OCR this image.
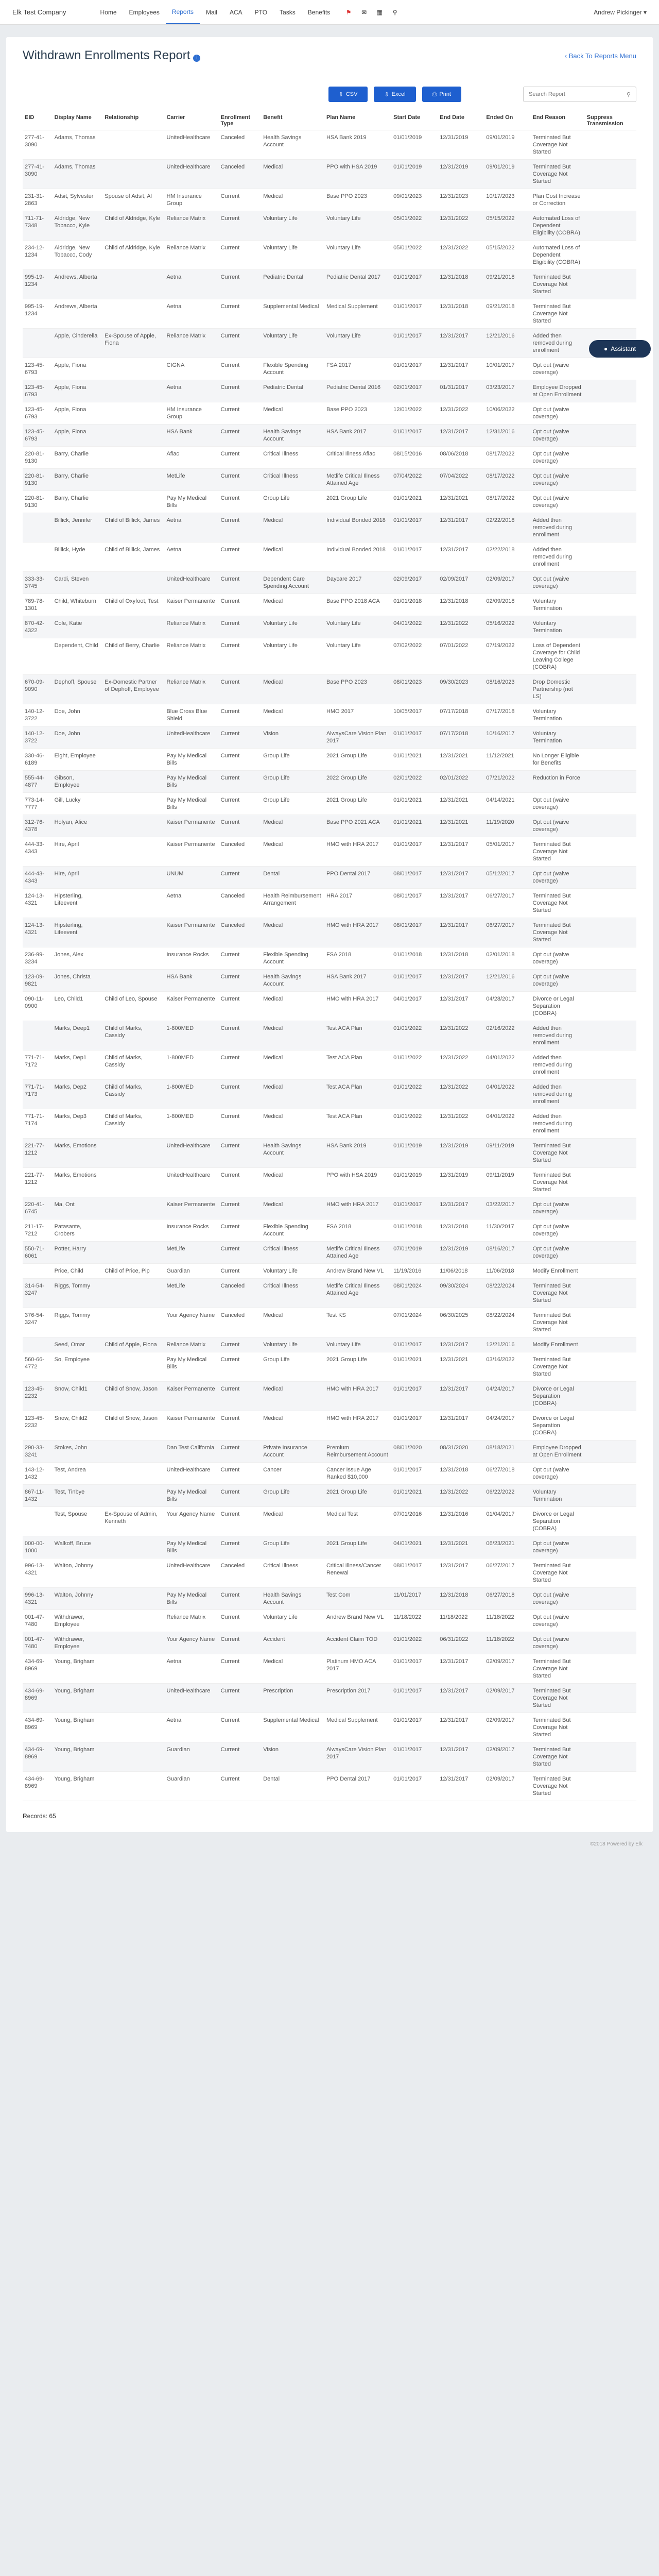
Elk Test Company	Home	Employees	Reports	Mail	ACA	PTO	Tasks	Benefits	⚑ ✉ ▦ ⚲	Andrew Pickinger ▾
● Assistant
Withdrawn Enrollments Report i	‹ Back To Reports Menu
⇩ CSV	⇩ Excel	⎙ Print	Search Report	⚲
EID	Display Name	Relationship	Carrier	Enrollment Type	Benefit	Plan Name	Start Date	End Date	Ended On	End Reason	Suppress Transmission
277-41-3090	Adams, Thomas		UnitedHealthcare	Canceled	Health Savings Account	HSA Bank 2019	01/01/2019	12/31/2019	09/01/2019	Terminated But Coverage Not Started	
277-41-3090	Adams, Thomas		UnitedHealthcare	Canceled	Medical	PPO with HSA 2019	01/01/2019	12/31/2019	09/01/2019	Terminated But Coverage Not Started	
231-31-2863	Adsit, Sylvester	Spouse of Adsit, Al	HM Insurance Group	Current	Medical	Base PPO 2023	09/01/2023	12/31/2023	10/17/2023	Plan Cost Increase or Correction	
711-71-7348	Aldridge, New Tobacco, Kyle	Child of Aldridge, Kyle	Reliance Matrix	Current	Voluntary Life	Voluntary Life	05/01/2022	12/31/2022	05/15/2022	Automated Loss of Dependent Eligibility (COBRA)	
234-12-1234	Aldridge, New Tobacco, Cody	Child of Aldridge, Kyle	Reliance Matrix	Current	Voluntary Life	Voluntary Life	05/01/2022	12/31/2022	05/15/2022	Automated Loss of Dependent Eligibility (COBRA)	
995-19-1234	Andrews, Alberta		Aetna	Current	Pediatric Dental	Pediatric Dental 2017	01/01/2017	12/31/2018	09/21/2018	Terminated But Coverage Not Started	
995-19-1234	Andrews, Alberta		Aetna	Current	Supplemental Medical	Medical Supplement	01/01/2017	12/31/2018	09/21/2018	Terminated But Coverage Not Started	
	Apple, Cinderella	Ex-Spouse of Apple, Fiona	Reliance Matrix	Current	Voluntary Life	Voluntary Life	01/01/2017	12/31/2017	12/21/2016	Added then removed during enrollment	
123-45-6793	Apple, Fiona		CIGNA	Current	Flexible Spending Account	FSA 2017	01/01/2017	12/31/2017	10/01/2017	Opt out (waive coverage)	
123-45-6793	Apple, Fiona		Aetna	Current	Pediatric Dental	Pediatric Dental 2016	02/01/2017	01/31/2017	03/23/2017	Employee Dropped at Open Enrollment	
123-45-6793	Apple, Fiona		HM Insurance Group	Current	Medical	Base PPO 2023	12/01/2022	12/31/2022	10/06/2022	Opt out (waive coverage)	
123-45-6793	Apple, Fiona		HSA Bank	Current	Health Savings Account	HSA Bank 2017	01/01/2017	12/31/2017	12/31/2016	Opt out (waive coverage)	
220-81-9130	Barry, Charlie		Aflac	Current	Critical Illness	Critical Illness Aflac	08/15/2016	08/06/2018	08/17/2022	Opt out (waive coverage)	
220-81-9130	Barry, Charlie		MetLife	Current	Critical Illness	Metlife Critical Illness Attained Age	07/04/2022	07/04/2022	08/17/2022	Opt out (waive coverage)	
220-81-9130	Barry, Charlie		Pay My Medical Bills	Current	Group Life	2021 Group Life	01/01/2021	12/31/2021	08/17/2022	Opt out (waive coverage)	
	Billick, Jennifer	Child of Billick, James	Aetna	Current	Medical	Individual Bonded 2018	01/01/2017	12/31/2017	02/22/2018	Added then removed during enrollment	
	Billick, Hyde	Child of Billick, James	Aetna	Current	Medical	Individual Bonded 2018	01/01/2017	12/31/2017	02/22/2018	Added then removed during enrollment	
333-33-3745	Cardi, Steven		UnitedHealthcare	Current	Dependent Care Spending Account	Daycare 2017	02/09/2017	02/09/2017	02/09/2017	Opt out (waive coverage)	
789-78-1301	Child, Whiteburn	Child of Oxyfoot, Test	Kaiser Permanente	Current	Medical	Base PPO 2018 ACA	01/01/2018	12/31/2018	02/09/2018	Voluntary Termination	
870-42-4322	Cole, Katie		Reliance Matrix	Current	Voluntary Life	Voluntary Life	04/01/2022	12/31/2022	05/16/2022	Voluntary Termination	
	Dependent, Child	Child of Berry, Charlie	Reliance Matrix	Current	Voluntary Life	Voluntary Life	07/02/2022	07/01/2022	07/19/2022	Loss of Dependent Coverage for Child Leaving College (COBRA)	
670-09-9090	Dephoff, Spouse	Ex-Domestic Partner of Dephoff, Employee	Reliance Matrix	Current	Medical	Base PPO 2023	08/01/2023	09/30/2023	08/16/2023	Drop Domestic Partnership (not LS)	
140-12-3722	Doe, John		Blue Cross Blue Shield	Current	Medical	HMO 2017	10/05/2017	07/17/2018	07/17/2018	Voluntary Termination	
140-12-3722	Doe, John		UnitedHealthcare	Current	Vision	AlwaysCare Vision Plan 2017	01/01/2017	07/17/2018	10/16/2017	Voluntary Termination	
330-46-6189	Eight, Employee		Pay My Medical Bills	Current	Group Life	2021 Group Life	01/01/2021	12/31/2021	11/12/2021	No Longer Eligible for Benefits	
555-44-4877	Gibson, Employee		Pay My Medical Bills	Current	Group Life	2022 Group Life	02/01/2022	02/01/2022	07/21/2022	Reduction in Force	
773-14-7777	Gill, Lucky		Pay My Medical Bills	Current	Group Life	2021 Group Life	01/01/2021	12/31/2021	04/14/2021	Opt out (waive coverage)	
312-76-4378	Holyan, Alice		Kaiser Permanente	Current	Medical	Base PPO 2021 ACA	01/01/2021	12/31/2021	11/19/2020	Opt out (waive coverage)	
444-33-4343	Hire, April		Kaiser Permanente	Canceled	Medical	HMO with HRA 2017	01/01/2017	12/31/2017	05/01/2017	Terminated But Coverage Not Started	
444-43-4343	Hire, April		UNUM	Current	Dental	PPO Dental 2017	08/01/2017	12/31/2017	05/12/2017	Opt out (waive coverage)	
124-13-4321	Hipsterling, Lifeevent		Aetna	Canceled	Health Reimbursement Arrangement	HRA 2017	08/01/2017	12/31/2017	06/27/2017	Terminated But Coverage Not Started	
124-13-4321	Hipsterling, Lifeevent		Kaiser Permanente	Canceled	Medical	HMO with HRA 2017	08/01/2017	12/31/2017	06/27/2017	Terminated But Coverage Not Started	
236-99-3234	Jones, Alex		Insurance Rocks	Current	Flexible Spending Account	FSA 2018	01/01/2018	12/31/2018	02/01/2018	Opt out (waive coverage)	
123-09-9821	Jones, Christa		HSA Bank	Current	Health Savings Account	HSA Bank 2017	01/01/2017	12/31/2017	12/21/2016	Opt out (waive coverage)	
090-11-0900	Leo, Child1	Child of Leo, Spouse	Kaiser Permanente	Current	Medical	HMO with HRA 2017	04/01/2017	12/31/2017	04/28/2017	Divorce or Legal Separation (COBRA)	
	Marks, Deep1	Child of Marks, Cassidy	1-800MED	Current	Medical	Test ACA Plan	01/01/2022	12/31/2022	02/16/2022	Added then removed during enrollment	
771-71-7172	Marks, Dep1	Child of Marks, Cassidy	1-800MED	Current	Medical	Test ACA Plan	01/01/2022	12/31/2022	04/01/2022	Added then removed during enrollment	
771-71-7173	Marks, Dep2	Child of Marks, Cassidy	1-800MED	Current	Medical	Test ACA Plan	01/01/2022	12/31/2022	04/01/2022	Added then removed during enrollment	
771-71-7174	Marks, Dep3	Child of Marks, Cassidy	1-800MED	Current	Medical	Test ACA Plan	01/01/2022	12/31/2022	04/01/2022	Added then removed during enrollment	
221-77-1212	Marks, Emotions		UnitedHealthcare	Current	Health Savings Account	HSA Bank 2019	01/01/2019	12/31/2019	09/11/2019	Terminated But Coverage Not Started	
221-77-1212	Marks, Emotions		UnitedHealthcare	Current	Medical	PPO with HSA 2019	01/01/2019	12/31/2019	09/11/2019	Terminated But Coverage Not Started	
220-41-6745	Ma, Ont		Kaiser Permanente	Current	Medical	HMO with HRA 2017	01/01/2017	12/31/2017	03/22/2017	Opt out (waive coverage)	
211-17-7212	Patasante, Crobers		Insurance Rocks	Current	Flexible Spending Account	FSA 2018	01/01/2018	12/31/2018	11/30/2017	Opt out (waive coverage)	
550-71-6061	Potter, Harry		MetLife	Current	Critical Illness	Metlife Critical Illness Attained Age	07/01/2019	12/31/2019	08/16/2017	Opt out (waive coverage)	
	Price, Child	Child of Price, Pip	Guardian	Current	Voluntary Life	Andrew Brand New VL	11/19/2016	11/06/2018	11/06/2018	Modify Enrollment	
314-54-3247	Riggs, Tommy		MetLife	Canceled	Critical Illness	Metlife Critical Illness Attained Age	08/01/2024	09/30/2024	08/22/2024	Terminated But Coverage Not Started	
376-54-3247	Riggs, Tommy		Your Agency Name	Canceled	Medical	Test KS	07/01/2024	06/30/2025	08/22/2024	Terminated But Coverage Not Started	
	Seed, Omar	Child of Apple, Fiona	Reliance Matrix	Current	Voluntary Life	Voluntary Life	01/01/2017	12/31/2017	12/21/2016	Modify Enrollment	
560-66-4772	So, Employee		Pay My Medical Bills	Current	Group Life	2021 Group Life	01/01/2021	12/31/2021	03/16/2022	Terminated But Coverage Not Started	
123-45-2232	Snow, Child1	Child of Snow, Jason	Kaiser Permanente	Current	Medical	HMO with HRA 2017	01/01/2017	12/31/2017	04/24/2017	Divorce or Legal Separation (COBRA)	
123-45-2232	Snow, Child2	Child of Snow, Jason	Kaiser Permanente	Current	Medical	HMO with HRA 2017	01/01/2017	12/31/2017	04/24/2017	Divorce or Legal Separation (COBRA)	
290-33-3241	Stokes, John		Dan Test California	Current	Private Insurance Account	Premium Reimbursement Account	08/01/2020	08/31/2020	08/18/2021	Employee Dropped at Open Enrollment	
143-12-1432	Test, Andrea		UnitedHealthcare	Current	Cancer	Cancer Issue Age Ranked $10,000	01/01/2017	12/31/2018	06/27/2018	Opt out (waive coverage)	
867-11-1432	Test, Tinbye		Pay My Medical Bills	Current	Group Life	2021 Group Life	01/01/2021	12/31/2022	06/22/2022	Voluntary Termination	
	Test, Spouse	Ex-Spouse of Admin, Kenneth	Your Agency Name	Current	Medical	Medical Test	07/01/2016	12/31/2016	01/04/2017	Divorce or Legal Separation (COBRA)	
000-00-1000	Walkoff, Bruce		Pay My Medical Bills	Current	Group Life	2021 Group Life	04/01/2021	12/31/2021	06/23/2021	Opt out (waive coverage)	
996-13-4321	Walton, Johnny		UnitedHealthcare	Canceled	Critical Illness	Critical Illness/Cancer Renewal	08/01/2017	12/31/2017	06/27/2017	Terminated But Coverage Not Started	
996-13-4321	Walton, Johnny		Pay My Medical Bills	Current	Health Savings Account	Test Com	11/01/2017	12/31/2018	06/27/2018	Opt out (waive coverage)	
001-47-7480	Withdrawer, Employee		Reliance Matrix	Current	Voluntary Life	Andrew Brand New VL	11/18/2022	11/18/2022	11/18/2022	Opt out (waive coverage)	
001-47-7480	Withdrawer, Employee		Your Agency Name	Current	Accident	Accident Claim TOD	01/01/2022	06/31/2022	11/18/2022	Opt out (waive coverage)	
434-69-8969	Young, Brigham		Aetna	Current	Medical	Platinum HMO ACA 2017	01/01/2017	12/31/2017	02/09/2017	Terminated But Coverage Not Started	
434-69-8969	Young, Brigham		UnitedHealthcare	Current	Prescription	Prescription 2017	01/01/2017	12/31/2017	02/09/2017	Terminated But Coverage Not Started	
434-69-8969	Young, Brigham		Aetna	Current	Supplemental Medical	Medical Supplement	01/01/2017	12/31/2017	02/09/2017	Terminated But Coverage Not Started	
434-69-8969	Young, Brigham		Guardian	Current	Vision	AlwaysCare Vision Plan 2017	01/01/2017	12/31/2017	02/09/2017	Terminated But Coverage Not Started	
434-69-8969	Young, Brigham		Guardian	Current	Dental	PPO Dental 2017	01/01/2017	12/31/2017	02/09/2017	Terminated But Coverage Not Started	
Records: 65
©2018 Powered by Elk
